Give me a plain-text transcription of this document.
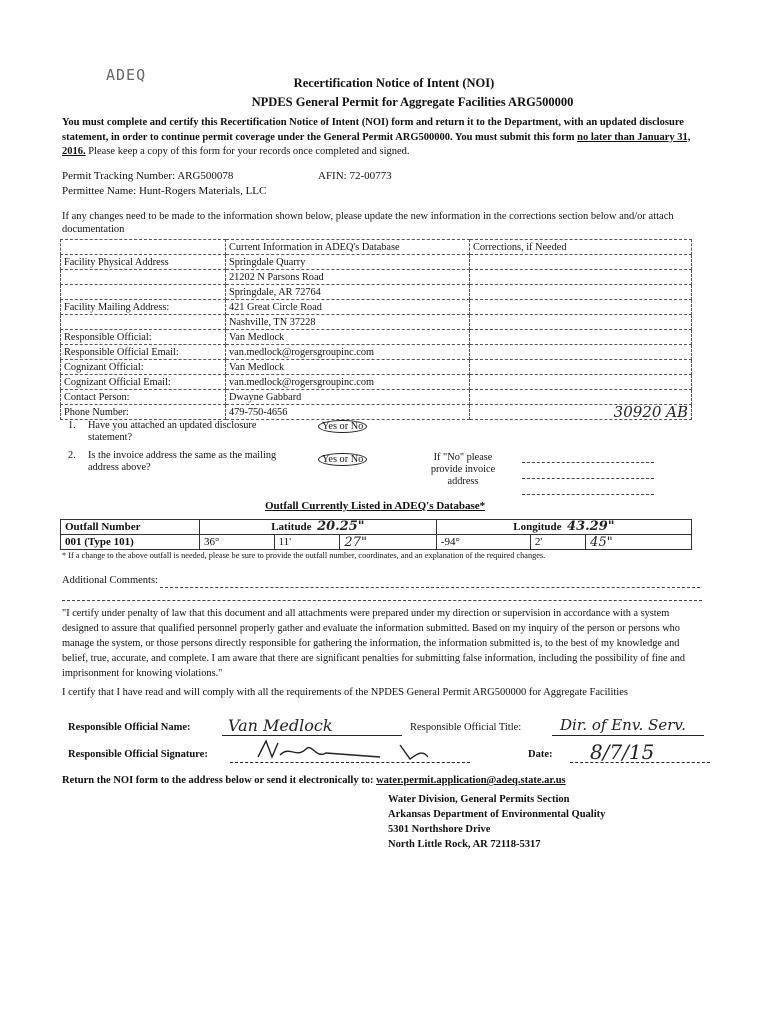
ADEQ	Recertification Notice of Intent (NOI)
NPDES General Permit for Aggregate Facilities ARG500000
You must complete and certify this Recertification Notice of Intent (NOI) form and return it to the Department, with an updated disclosure statement, in order to continue permit coverage under the General Permit ARG500000. You must submit this form no later than January 31, 2016. Please keep a copy of this form for your records once completed and signed.
Permit Tracking Number: ARG500078	AFIN: 72-00773
Permittee Name: Hunt-Rogers Materials, LLC
If any changes need to be made to the information shown below, please update the new information in the corrections section below and/or attach documentation
	Current Information in ADEQ's Database	Corrections, if Needed
Facility Physical Address	Springdale Quarry	
	21202 N Parsons Road	
	Springdale, AR 72764	
Facility Mailing Address:	421 Great Circle Road	
	Nashville, TN 37228	
Responsible Official:	Van Medlock	
Responsible Official Email:	van.medlock@rogersgroupinc.com	
Cognizant Official:	Van Medlock	
Cognizant Official Email:	van.medlock@rogersgroupinc.com	
Contact Person:	Dwayne Gabbard	
Phone Number:	479-750-4656	30920 AB
1. Have you attached an updated disclosure statement?
Yes or No
2. Is the invoice address the same as the mailing address above?
Yes or No	If "No" please provide invoice address
Outfall Currently Listed in ADEQ's Database*
Outfall Number	Latitude 20.25"			Longitude 43.29"		
001 (Type 101)	36°	11'	27"	-94°	2'	45"
* If a change to the above outfall is needed, please be sure to provide the outfall number, coordinates, and an explanation of the required changes.
Additional Comments:
"I certify under penalty of law that this document and all attachments were prepared under my direction or supervision in accordance with a system designed to assure that qualified personnel properly gather and evaluate the information submitted. Based on my inquiry of the person or persons who manage the system, or those persons directly responsible for gathering the information, the information submitted is, to the best of my knowledge and belief, true, accurate, and complete. I am aware that there are significant penalties for submitting false information, including the possibility of fine and imprisonment for knowing violations."
I certify that I have read and will comply with all the requirements of the NPDES General Permit ARG500000 for Aggregate Facilities
Responsible Official Name: Van Medlock	Responsible Official Title:	Dir. of Env. Serv.
Responsible Official Signature:	Date: 8/7/15
Return the NOI form to the address below or send it electronically to: water.permit.application@adeq.state.ar.us
Water Division, General Permits Section
Arkansas Department of Environmental Quality
5301 Northshore Drive
North Little Rock, AR 72118-5317
